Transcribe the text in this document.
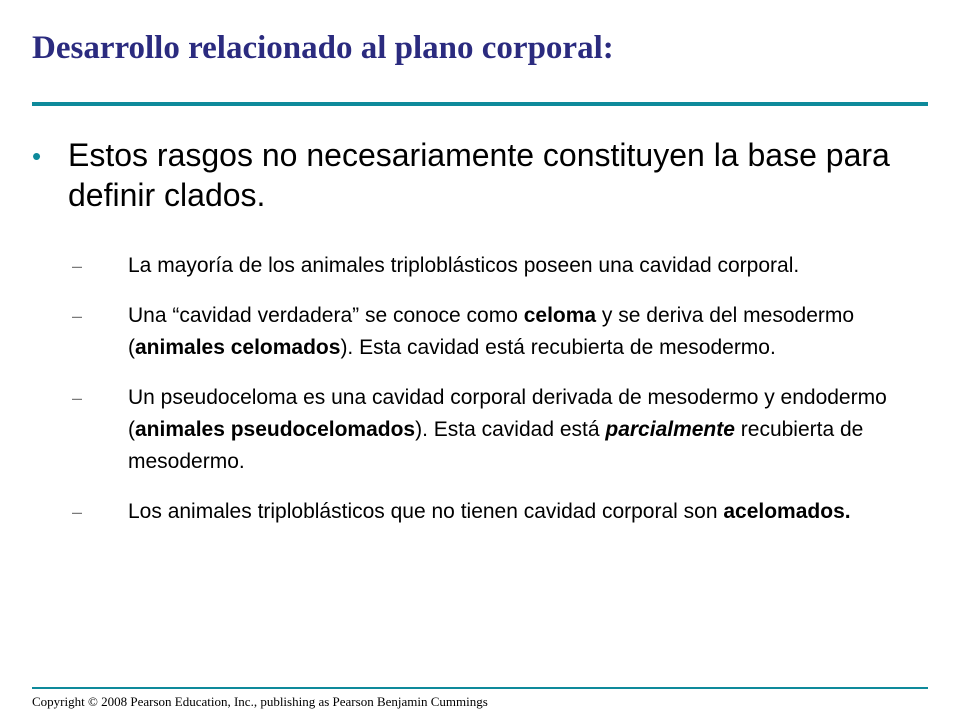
Desarrollo relacionado al plano corporal:
• Estos rasgos no necesariamente constituyen la base para definir clados.
– La mayoría de los animales triploblásticos poseen una cavidad corporal.
– Una “cavidad verdadera” se conoce como celoma y se deriva del mesodermo (animales celomados). Esta cavidad está recubierta de mesodermo.
– Un pseudoceloma es una cavidad corporal derivada de mesodermo y endodermo (animales pseudocelomados). Esta cavidad está parcialmente recubierta de mesodermo.
– Los animales triploblásticos que no tienen cavidad corporal son acelomados.
Copyright © 2008 Pearson Education, Inc., publishing as Pearson Benjamin Cummings
